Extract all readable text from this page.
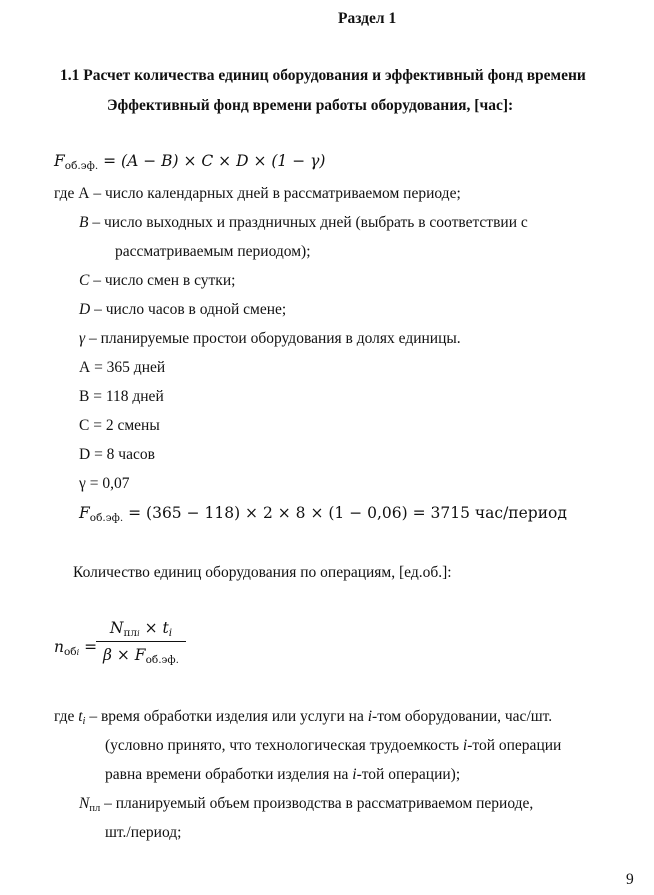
Раздел 1
1.1 Расчет количества единиц оборудования и эффективный фонд времени
Эффективный фонд времени работы оборудования, [час]:
$F_{об.эф.} = (A - B) \times C \times D \times (1 - \gamma)$
где А – число календарных дней в рассматриваемом периоде;
B – число выходных и праздничных дней (выбрать в соответствии с
рассматриваемым периодом);
C – число смен в сутки;
D – число часов в одной смене;
γ – планируемые простои оборудования в долях единицы.
А = 365 дней
В = 118 дней
С = 2 смены
D = 8 часов
γ = 0,07
$F_{об.эф.} = (365 - 118) \times 2 \times 8 \times (1 - 0,06) = 3715$ час/период
Количество единиц оборудования по операциям, [ед.об.]:
$n_{обi}$ =
$N_{плi} \times t_i$
$\beta \times F_{об.эф.}$
где $t_i$ – время обработки изделия или услуги на i-том оборудовании, час/шт.
(условно принято, что технологическая трудоемкость i-той операции
равна времени обработки изделия на i-той операции);
$N_{пл}$ – планируемый объем производства в рассматриваемом периоде,
шт./период;
9
